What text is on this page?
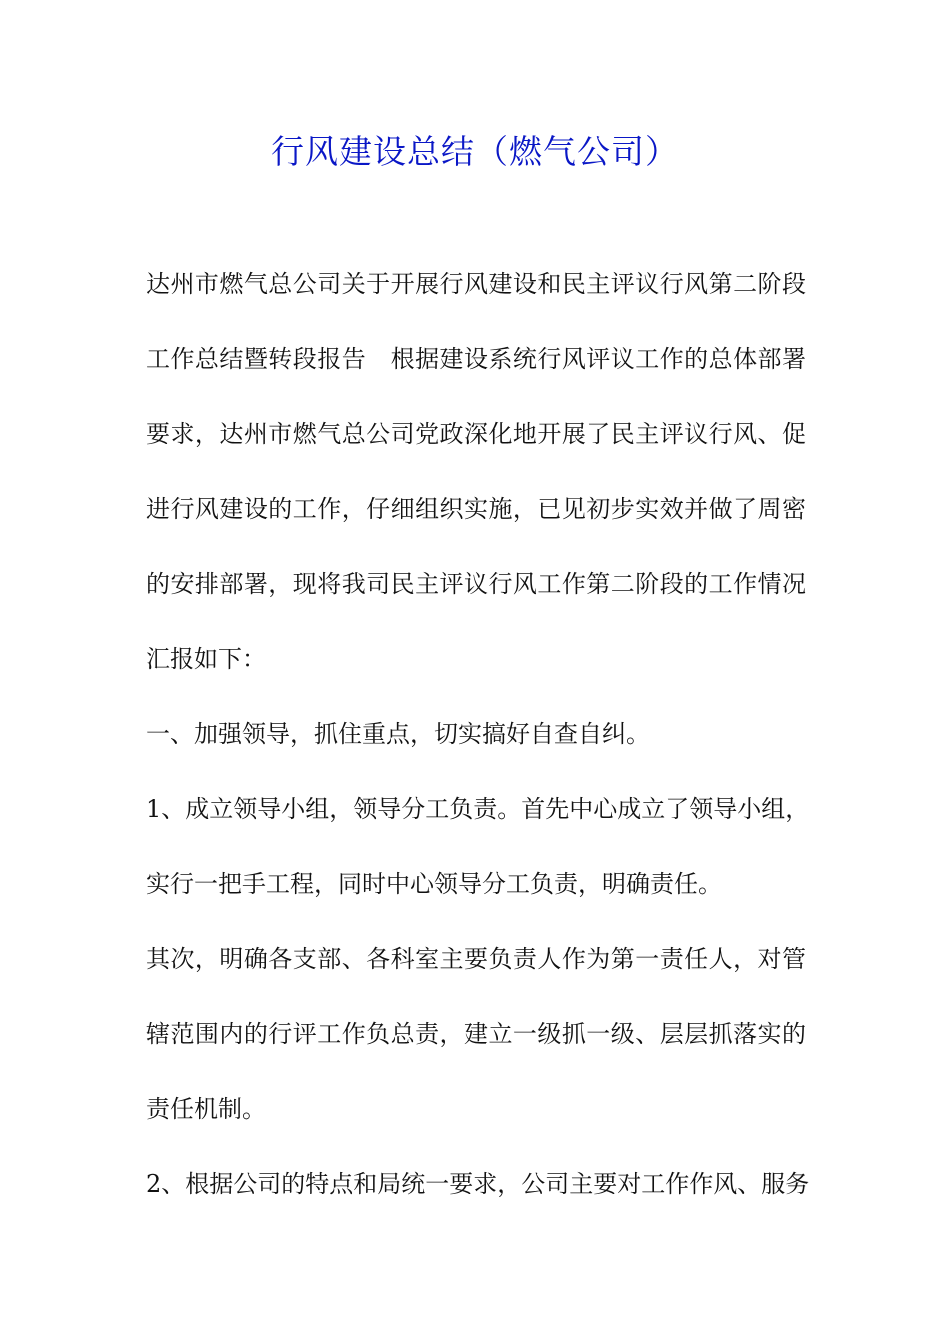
行风建设总结（燃气公司）

达州市燃气总公司关于开展行风建设和民主评议行风第二阶段

工作总结暨转段报告　根据建设系统行风评议工作的总体部署

要求，达州市燃气总公司党政深化地开展了民主评议行风、促

进行风建设的工作，仔细组织实施，已见初步实效并做了周密

的安排部署，现将我司民主评议行风工作第二阶段的工作情况

汇报如下：

一、加强领导，抓住重点，切实搞好自查自纠。

1、成立领导小组，领导分工负责。首先中心成立了领导小组，

实行一把手工程，同时中心领导分工负责，明确责任。

其次，明确各支部、各科室主要负责人作为第一责任人，对管

辖范围内的行评工作负总责，建立一级抓一级、层层抓落实的

责任机制。

2、根据公司的特点和局统一要求，公司主要对工作作风、服务
